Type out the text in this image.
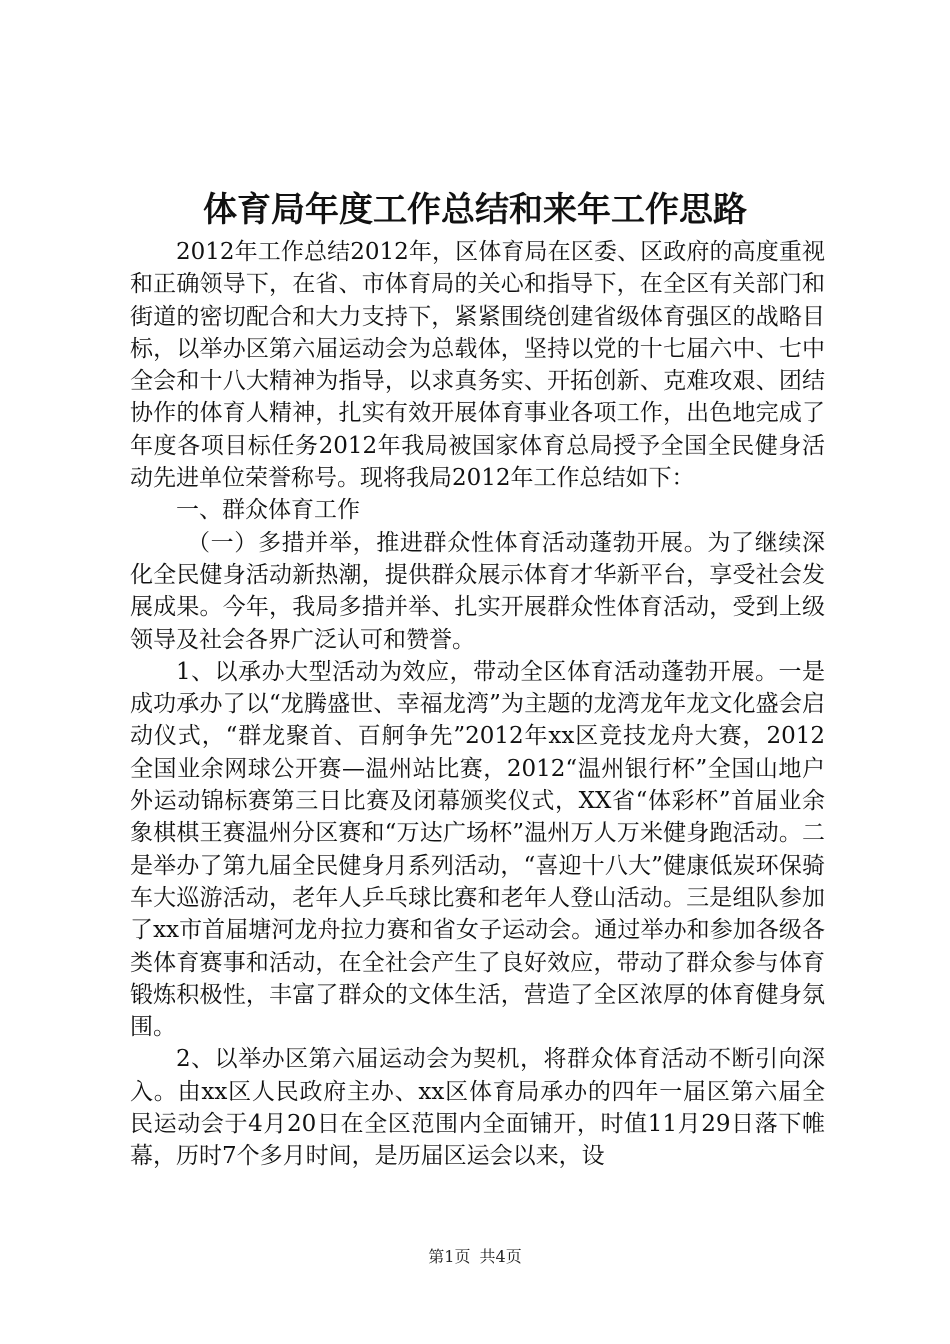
体育局年度工作总结和来年工作思路

2012年工作总结2012年，区体育局在区委、区政府的高度重视和正确领导下，在省、市体育局的关心和指导下，在全区有关部门和街道的密切配合和大力支持下，紧紧围绕创建省级体育强区的战略目标，以举办区第六届运动会为总载体，坚持以党的十七届六中、七中全会和十八大精神为指导，以求真务实、开拓创新、克难攻艰、团结协作的体育人精神，扎实有效开展体育事业各项工作，出色地完成了年度各项目标任务2012年我局被国家体育总局授予全国全民健身活动先进单位荣誉称号。现将我局2012年工作总结如下：

一、群众体育工作

（一）多措并举，推进群众性体育活动蓬勃开展。为了继续深化全民健身活动新热潮，提供群众展示体育才华新平台，享受社会发展成果。今年，我局多措并举、扎实开展群众性体育活动，受到上级领导及社会各界广泛认可和赞誉。

1、以承办大型活动为效应，带动全区体育活动蓬勃开展。一是成功承办了以“龙腾盛世、幸福龙湾”为主题的龙湾龙年龙文化盛会启动仪式，“群龙聚首、百舸争先”2012年xx区竞技龙舟大赛，2012全国业余网球公开赛—温州站比赛，2012“温州银行杯”全国山地户外运动锦标赛第三日比赛及闭幕颁奖仪式，XX省“体彩杯”首届业余象棋棋王赛温州分区赛和“万达广场杯”温州万人万米健身跑活动。二是举办了第九届全民健身月系列活动，“喜迎十八大”健康低炭环保骑车大巡游活动，老年人乒乓球比赛和老年人登山活动。三是组队参加了xx市首届塘河龙舟拉力赛和省女子运动会。通过举办和参加各级各类体育赛事和活动，在全社会产生了良好效应，带动了群众参与体育锻炼积极性，丰富了群众的文体生活，营造了全区浓厚的体育健身氛围。

2、以举办区第六届运动会为契机，将群众体育活动不断引向深入。由xx区人民政府主办、xx区体育局承办的四年一届区第六届全民运动会于4月20日在全区范围内全面铺开，时值11月29日落下帷幕，历时7个多月时间，是历届区运会以来，设

第1页 共4页
